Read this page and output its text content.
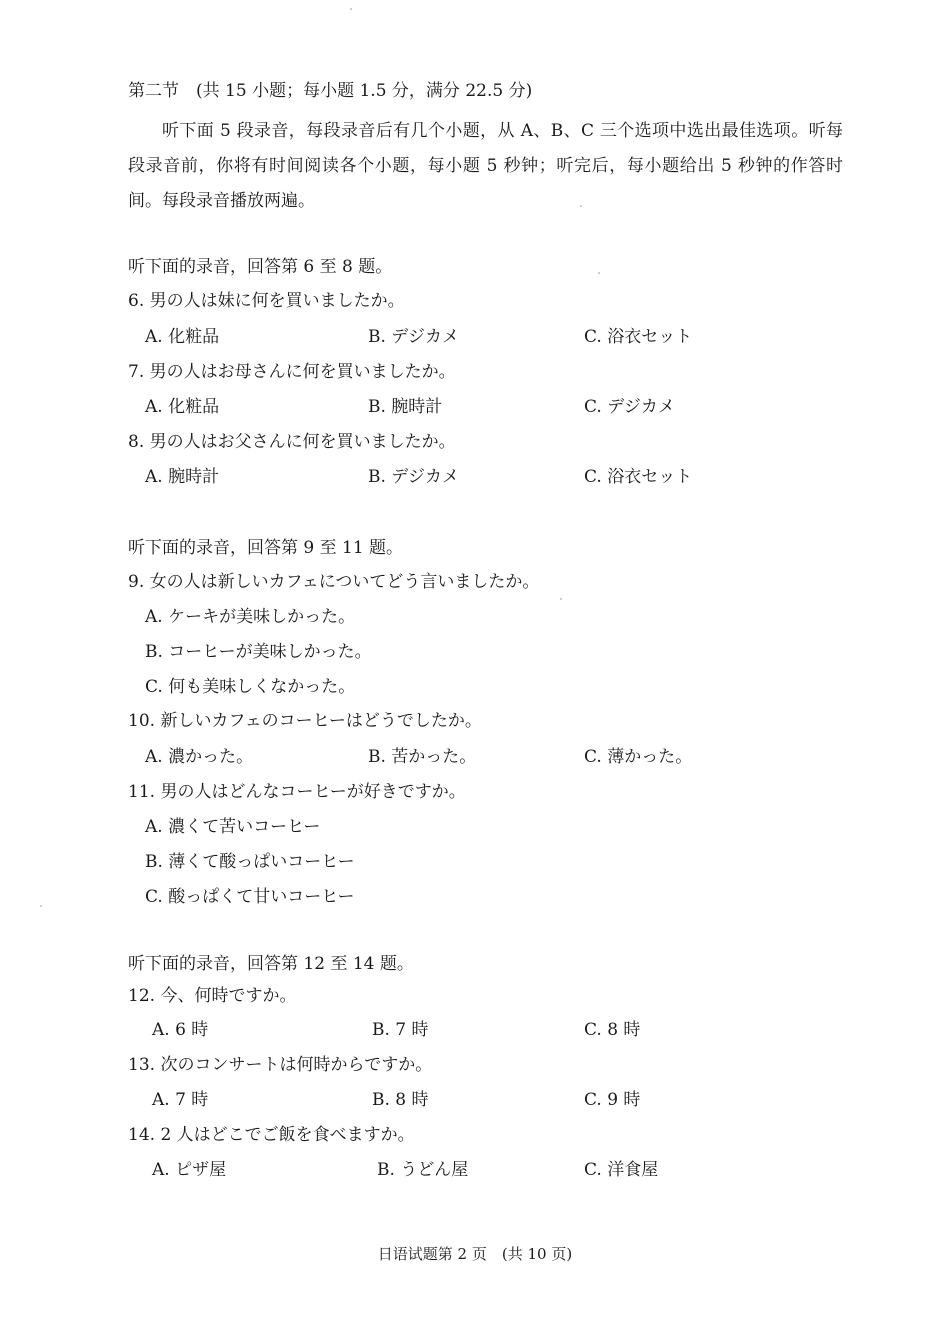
第二节　(共 15 小题；每小题 1.5 分，满分 22.5 分)
听下面 5 段录音，每段录音后有几个小题，从 A、B、C 三个选项中选出最佳选项。听每段录音前，你将有时间阅读各个小题，每小题 5 秒钟；听完后，每小题给出 5 秒钟的作答时间。每段录音播放两遍。
听下面的录音，回答第 6 至 8 题。
6. 男の人は妹に何を買いましたか。
A. 化粧品	B. デジカメ	C. 浴衣セット
7. 男の人はお母さんに何を買いましたか。
A. 化粧品	B. 腕時計	C. デジカメ
8. 男の人はお父さんに何を買いましたか。
A. 腕時計	B. デジカメ	C. 浴衣セット
听下面的录音，回答第 9 至 11 题。
9. 女の人は新しいカフェについてどう言いましたか。
A. ケーキが美味しかった。
B. コーヒーが美味しかった。
C. 何も美味しくなかった。
10. 新しいカフェのコーヒーはどうでしたか。
A. 濃かった。	B. 苦かった。	C. 薄かった。
11. 男の人はどんなコーヒーが好きですか。
A. 濃くて苦いコーヒー
B. 薄くて酸っぱいコーヒー
C. 酸っぱくて甘いコーヒー
听下面的录音，回答第 12 至 14 题。
12. 今、何時ですか。
A. 6 時	B. 7 時	C. 8 時
13. 次のコンサートは何時からですか。
A. 7 時	B. 8 時	C. 9 時
14. 2 人はどこでご飯を食べますか。
A. ピザ屋	B. うどん屋	C. 洋食屋
日语试题第 2 页　(共 10 页)
